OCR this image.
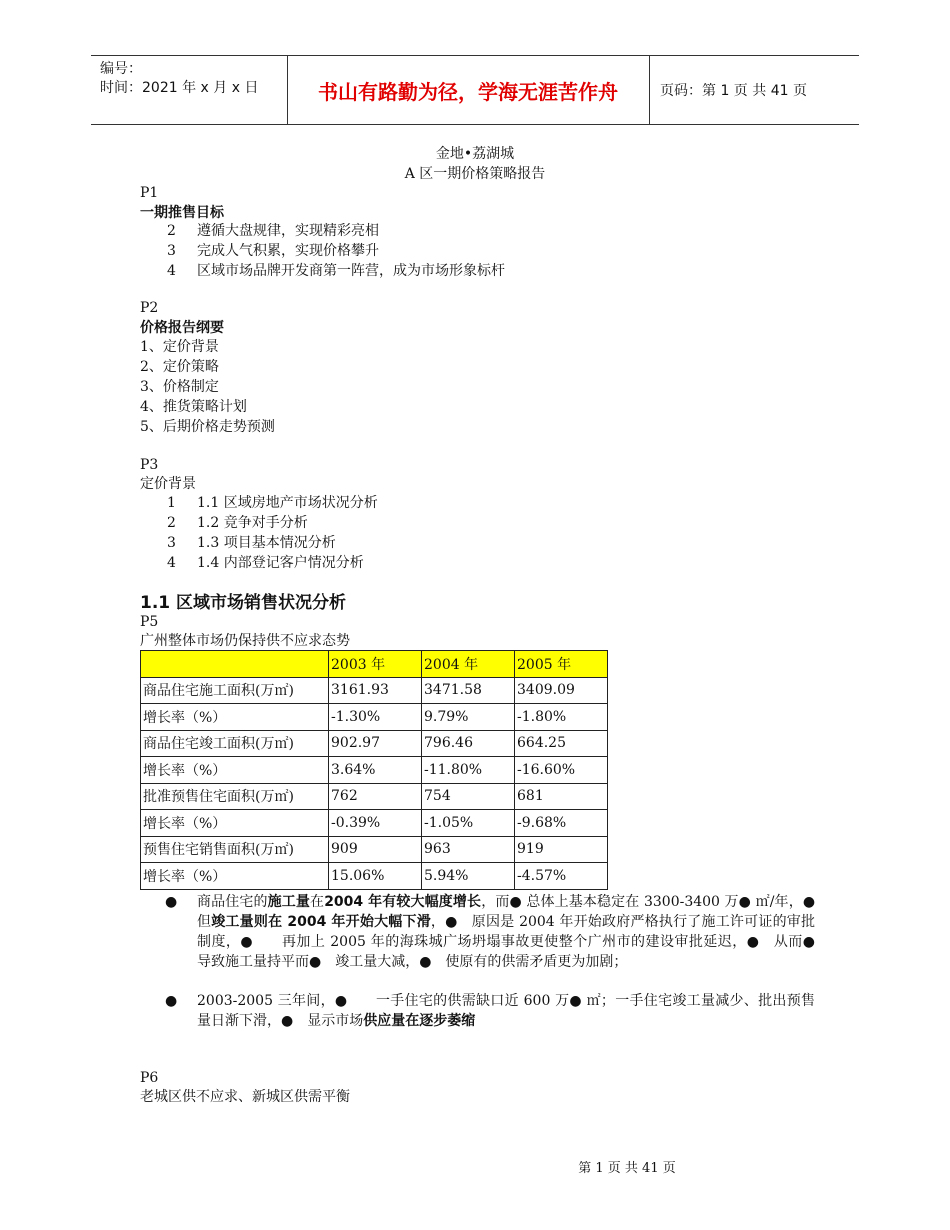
编号：
时间：2021 年 x 月 x 日	书山有路勤为径，学海无涯苦作舟	页码：第 1 页 共 41 页
金地•荔湖城
A 区一期价格策略报告
P1
一期推售目标
2 遵循大盘规律，实现精彩亮相
3 完成人气积累，实现价格攀升
4 区域市场品牌开发商第一阵营，成为市场形象标杆
P2
价格报告纲要
1、定价背景
2、定价策略
3、价格制定
4、推货策略计划
5、后期价格走势预测
P3
定价背景
1 1.1 区域房地产市场状况分析
2 1.2 竞争对手分析
3 1.3 项目基本情况分析
4 1.4 内部登记客户情况分析
1.1 区域市场销售状况分析
P5
广州整体市场仍保持供不应求态势
	2003 年	2004 年	2005 年
商品住宅施工面积(万㎡)	3161.93	3471.58	3409.09
增长率（%）	-1.30%	9.79%	-1.80%
商品住宅竣工面积(万㎡)	902.97	796.46	664.25
增长率（%）	3.64%	-11.80%	-16.60%
批准预售住宅面积(万㎡)	762	754	681
增长率（%）	-0.39%	-1.05%	-9.68%
预售住宅销售面积(万㎡)	909	963	919
增长率（%）	15.06%	5.94%	-4.57%
● 商品住宅的施工量在2004 年有较大幅度增长，而● 总体上基本稳定在 3300-3400 万● ㎡/年，●　　但竣工量则在 2004 年开始大幅下滑，●　原因是 2004 年开始政府严格执行了施工许可证的审批制度，●　　再加上 2005 年的海珠城广场坍塌事故更使整个广州市的建设审批延迟，●　从而●　导致施工量持平而●　竣工量大减，●　使原有的供需矛盾更为加剧；
● 2003-2005 三年间，●　　一手住宅的供需缺口近 600 万● ㎡；一手住宅竣工量减少、批出预售量日渐下滑，●　显示市场供应量在逐步萎缩
P6
老城区供不应求、新城区供需平衡
第 1 页 共 41 页
